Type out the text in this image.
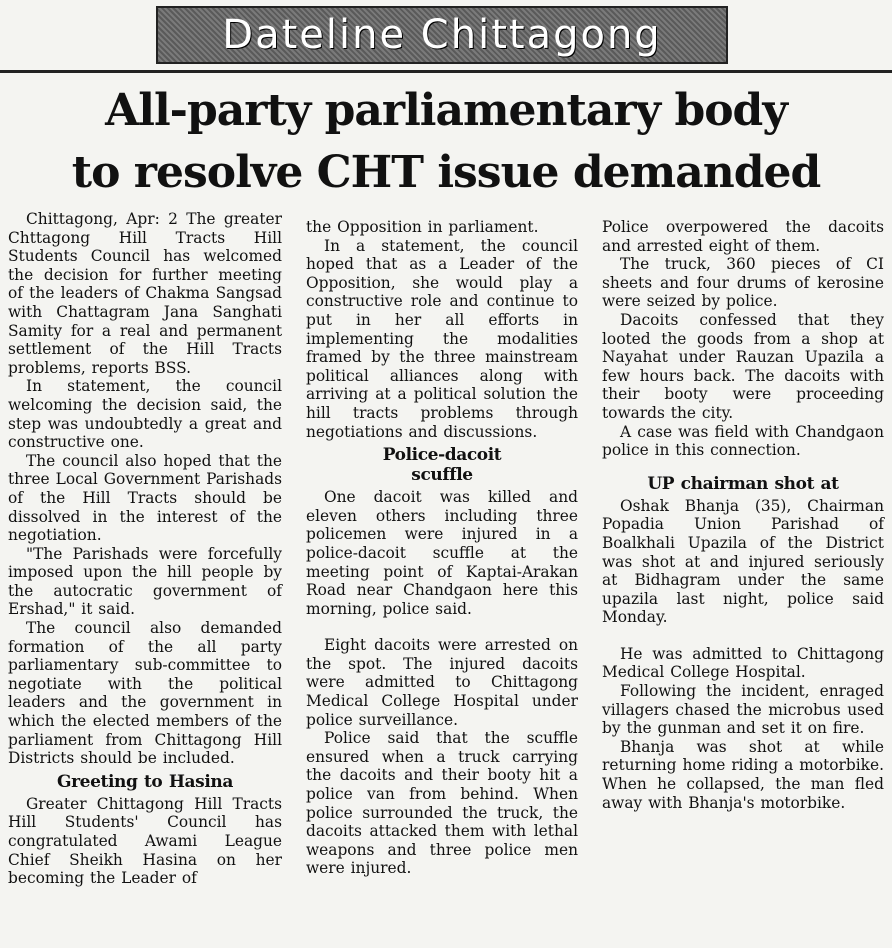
Dateline Chittagong
All-party parliamentary body
to resolve CHT issue demanded

Chittagong, Apr: 2 The greater Chttagong Hill Tracts Hill Students Council has welcomed the decision for further meeting of the leaders of Chakma Sangsad with Chattagram Jana Sanghati Samity for a real and permanent settlement of the Hill Tracts problems, reports BSS.

In statement, the council welcoming the decision said, the step was undoubtedly a great and constructive one.

The council also hoped that the three Local Government Parishads of the Hill Tracts should be dissolved in the interest of the negotiation.

"The Parishads were forcefully imposed upon the hill people by the autocratic government of Ershad," it said.

The council also demanded formation of the all party parliamentary sub-committee to negotiate with the political leaders and the government in which the elected members of the parliament from Chittagong Hill Districts should be included.

Greeting to Hasina

Greater Chittagong Hill Tracts Hill Students' Council has congratulated Awami League Chief Sheikh Hasina on her becoming the Leader of

the Opposition in parliament.

In a statement, the council hoped that as a Leader of the Opposition, she would play a constructive role and continue to put in her all efforts in implementing the modalities framed by the three mainstream political alliances along with arriving at a political solution the hill tracts problems through negotiations and discussions.

Police-dacoit scuffle

One dacoit was killed and eleven others including three policemen were injured in a police-dacoit scuffle at the meeting point of Kaptai-Arakan Road near Chandgaon here this morning, police said.

Eight dacoits were arrested on the spot. The injured dacoits were admitted to Chittagong Medical College Hospital under police surveillance.

Police said that the scuffle ensured when a truck carrying the dacoits and their booty hit a police van from behind. When police surrounded the truck, the dacoits attacked them with lethal weapons and three police men were injured.

Police overpowered the dacoits and arrested eight of them.

The truck, 360 pieces of CI sheets and four drums of kerosine were seized by police.

Dacoits confessed that they looted the goods from a shop at Nayahat under Rauzan Upazila a few hours back. The dacoits with their booty were proceeding towards the city.

A case was field with Chandgaon police in this connection.

UP chairman shot at

Oshak Bhanja (35), Chairman Popadia Union Parishad of Boalkhali Upazila of the District was shot at and injured seriously at Bidhagram under the same upazila last night, police said Monday.

He was admitted to Chittagong Medical College Hospital.

Following the incident, enraged villagers chased the microbus used by the gunman and set it on fire.

Bhanja was shot at while returning home riding a motorbike. When he collapsed, the man fled away with Bhanja's motorbike.
